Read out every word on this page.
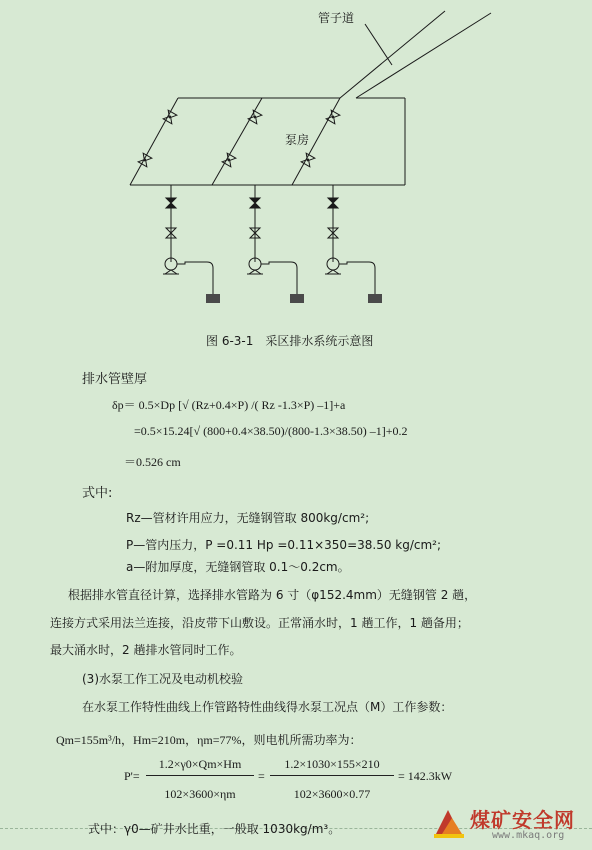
管子道
泵房
图 6-3-1　采区排水系统示意图
排水管壁厚
δp＝ 0.5×Dp [√ (Rz+0.4×P) /( Rz -1.3×P) –1]+a
=0.5×15.24[√ (800+0.4×38.50)/(800-1.3×38.50) –1]+0.2
＝0.526 cm
式中:
Rz—管材许用应力，无缝钢管取 800kg/cm²;
P—管内压力，P =0.11 Hp =0.11×350=38.50 kg/cm²;
a—附加厚度，无缝钢管取 0.1～0.2cm。
根据排水管直径计算，选择排水管路为 6 寸（φ152.4mm）无缝钢管 2 趟，
连接方式采用法兰连接，沿皮带下山敷设。正常涌水时，1 趟工作，1 趟备用；
最大涌水时，2 趟排水管同时工作。
(3)水泵工作工况及电动机校验
在水泵工作特性曲线上作管路特性曲线得水泵工况点（M）工作参数：
Qm=155m³/h，Hm=210m，ηm=77%，则电机所需功率为：
P'=
1.2×γ0×Qm×Hm
102×3600×ηm
=
1.2×1030×155×210
102×3600×0.77
= 142.3kW
式中：γ0—矿井水比重，一般取 1030kg/m³。	煤矿安全网
www.mkaq.org
